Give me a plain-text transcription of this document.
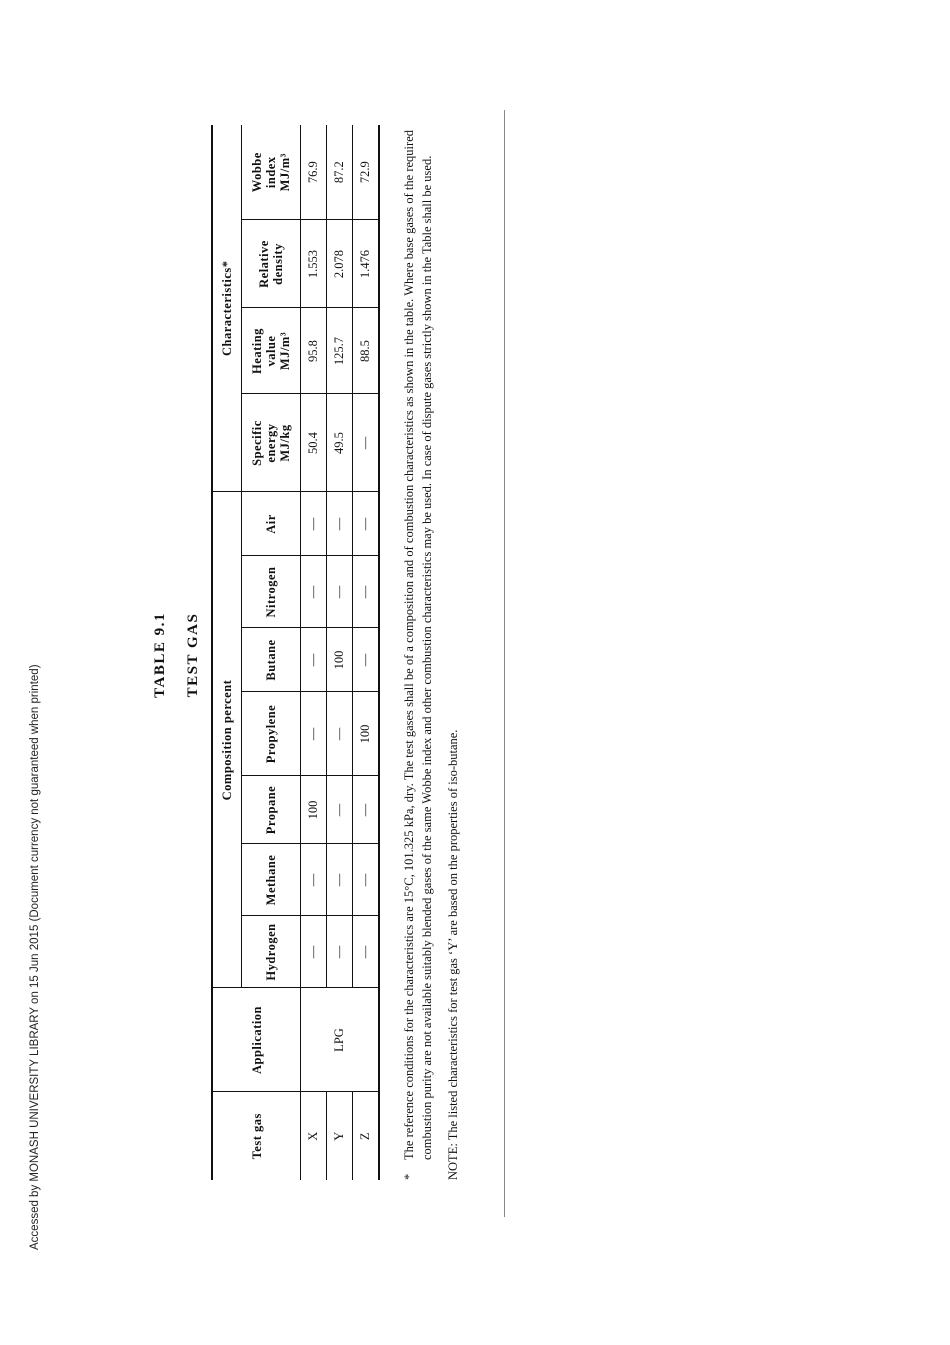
Accessed by MONASH UNIVERSITY LIBRARY on 15 Jun 2015 (Document currency not guaranteed when printed)
TABLE 9.1	TEST GAS
Test gas	Application	Composition percent							Characteristics*			
		Hydrogen	Methane	Propane	Propylene	Butane	Nitrogen	Air	Specific
energy
MJ/kg	Heating
value
MJ/m³	Relative
density	Wobbe
index
MJ/m³
X	LPG	—	—	100	—	—	—	—	50.4	95.8	1.553	76.9
Y		—	—	—	—	100	—	—	49.5	125.7	2.078	87.2
Z		—	—	—	100	—	—	—	—	88.5	1.476	72.9
*
The reference conditions for the characteristics are 15°C, 101.325 kPa, dry. The test gases shall be of a composition and of combustion characteristics as shown in the table. Where base gases of the required combustion purity are not available suitably blended gases of the same Wobbe index and other combustion characteristics may be used. In case of dispute gases strictly shown in the Table shall be used. NOTE: The listed characteristics for test gas ‘Y’ are based on the properties of iso-butane.
